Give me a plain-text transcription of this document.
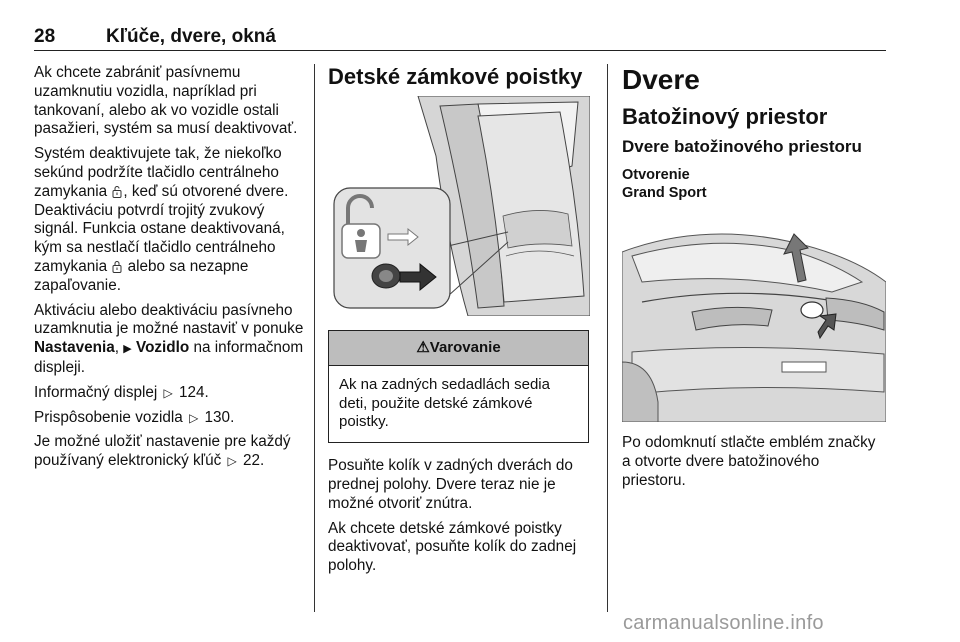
28	Kľúče, dvere, okná

Ak chcete zabrániť pasívnemu uzamknutiu vozidla, napríklad pri tankovaní, alebo ak vo vozidle ostali pasažieri, systém sa musí deaktivovať.

Systém deaktivujete tak, že niekoľko sekúnd podržíte tlačidlo centrálneho zamykania , keď sú otvorené dvere. Deaktiváciu potvrdí trojitý zvukový signál. Funkcia ostane deaktivovaná, kým sa nestlačí tlačidlo centrálneho zamykania alebo sa nezapne zapaľovanie.

Aktiváciu alebo deaktiváciu pasívneho uzamknutia je možné nastaviť v ponuke Nastavenia, ▶ Vozidlo na informačnom displeji.

Informačný displej ▷ 124.

Prispôsobenie vozidla ▷ 130.

Je možné uložiť nastavenie pre každý používaný elektronický kľúč ▷ 22.

Detské zámkové poistky
⚠Varovanie
Ak na zadných sedadlách sedia deti, použite detské zámkové poistky.

Posuňte kolík v zadných dverách do prednej polohy. Dvere teraz nie je možné otvoriť znútra.

Ak chcete detské zámkové poistky deaktivovať, posuňte kolík do zadnej polohy.

Dvere
Batožinový priestor
Dvere batožinového priestoru
Otvorenie
Grand Sport

Po odomknutí stlačte emblém značky a otvorte dvere batožinového priestoru.

carmanualsonline.info
